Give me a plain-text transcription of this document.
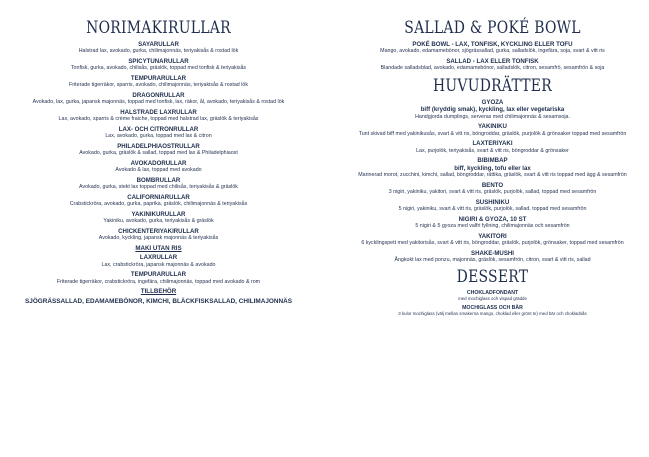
NORIMAKIRULLAR
SAYARULLAR
Halstrad lax, avokado, gurka, chilimajonnäs, teriyakisås & rostad lök
SPICYTUNARULLAR
Tonfisk, gurka, avokado, chilisås, gräslök, toppad med tonfisk & teriyakisås
TEMPURARULLAR
Friterade tigerräkor, sparris, avokado, chilimajonnäs, teriyakisås & rostad lök
DRAGONRULLAR
Avokado, lax, gurka, japansk majonnäs, toppad med tonfisk, lax, räkor, ål, avokado, teriyakisås & rostad lök
HALSTRADE LAXRULLAR
Lax, avokado, sparris & crème fraiche, toppad med halstrad lax, gräslök & teriyakisås
LAX- OCH CITRONRULLAR
Lax, avokado, gurka, toppad med lax & citron
PHILADELPHIAOSTRULLAR
Avokado, gurka, gräslök & sallad, toppad med lax & Philadelphiaost
AVOKADORULLAR
Avokado & lax, toppad med avokado
BOMBRULLAR
Avokado, gurka, stekt lax toppad med chilisås, teriyakisås & gräslök
CALIFORNIARULLAR
Crabstickröra, avokado, gurka, paprika, gräslök, chilimajonnäs & teriyakisås
YAKINIKURULLAR
Yakiniku, avokado, gurka, teriyakisås & gräslök
CHICKENTERIYAKIRULLAR
Avokado, kyckling, japansk majonnäs & teriyakisås
MAKI UTAN RIS
LAXRULLAR
Lax, crabstickröra, japansk majonnäs & avokado
TEMPURARULLAR
Friterade tigerräkor, crabstickröra, ingefära, chilimajonnäs, toppad med avokado & rom
TILLBEHÖR
SJÖGRÄSSALLAD, EDAMAMEBÖNOR, KIMCHI, BLÄCKFISKSALLAD, CHILIMAJONNÄS
SALLAD & POKÉ BOWL
POKÉ BOWL - LAX, TONFISK, KYCKLING ELLER TOFU
Mango, avokado, edamamebönor, sjögrässallad, gurka, salladslök, ingefära, soja, svart & vitt ris
SALLAD - LAX ELLER TONFISK
Blandade salladsblad, avokado, edamamebönor, salladslök, citron, sesamfrö, sesamfrön & soja
HUVUDRÄTTER
GYOZA
biff (kryddig smak), kyckling, lax eller vegetariska
Handgjorda dumplings, serveras med chilimajonnäs & sesamsoja.
YAKINIKU
Tunt skivad biff med yakinikusås, svart & vitt ris, böngroddar, gräslök, purjolök & grönsaker toppad med sesamfrön
LAXTERIYAKI
Lax, purjolök, teriyakisås, svart & vitt ris, böngroddar & grönsaker
BIBIMBAP
biff, kyckling, tofu eller lax
Marinerad morot, zucchini, kimchi, sallad, böngroddar, rättika, gräslök, svart & vitt ris toppad med ägg & sesamfrön
BENTO
3 nigiri, yakiniku, yakitori, svart & vitt ris, gräslök, purjolök, sallad, toppad med sesamfrön
SUSHINIKU
5 nigiri, yakiniku, svart & vitt ris, gräslök, purjolök, sallad, toppad med sesamfrön
NIGIRI & GYOZA, 10 ST
5 nigiri & 5 gyoza med valfri fyllning, chilimajonnäs och sesamfrön
YAKITORI
6 kycklingspett med yakitorisås, svart & vitt ris, böngroddar, gräslök, purjolök, grönsaker, toppad med sesamfrön
SHAKE-MUSHI
Ångkokt lax med ponzu, majonnäs, gräslök, sesamfrön, citron, svart & vitt ris, sallad
DESSERT
CHOKLADFONDANT
med mochiglass och vispad grädde
MOCHIGLASS OCH BÄR
3 kulor mochiglass (välj mellan smakerna mango, choklad eller grönt te) med bär och chokladsås
